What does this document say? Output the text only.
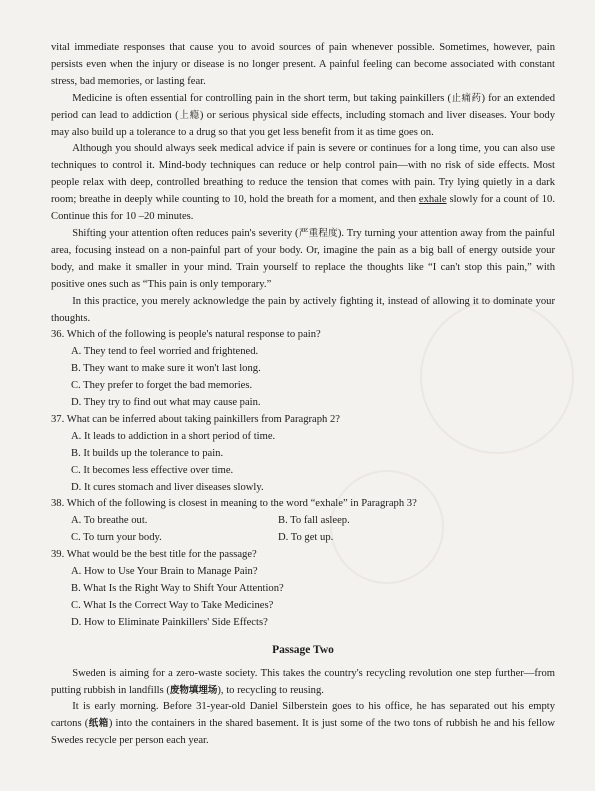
vital immediate responses that cause you to avoid sources of pain whenever possible. Sometimes, however, pain persists even when the injury or disease is no longer present. A painful feeling can become associated with constant stress, bad memories, or lasting fear.

Medicine is often essential for controlling pain in the short term, but taking painkillers (止痛药) for an extended period can lead to addiction (上瘾) or serious physical side effects, including stomach and liver diseases. Your body may also build up a tolerance to a drug so that you get less benefit from it as time goes on.

Although you should always seek medical advice if pain is severe or continues for a long time, you can also use techniques to control it. Mind-body techniques can reduce or help control pain—with no risk of side effects. Most people relax with deep, controlled breathing to reduce the tension that comes with pain. Try lying quietly in a dark room; breathe in deeply while counting to 10, hold the breath for a moment, and then exhale slowly for a count of 10. Continue this for 10 –20 minutes.

Shifting your attention often reduces pain's severity (严重程度). Try turning your attention away from the painful area, focusing instead on a non-painful part of your body. Or, imagine the pain as a big ball of energy outside your body, and make it smaller in your mind. Train yourself to replace the thoughts like “I can't stop this pain,” with positive ones such as “This pain is only temporary.”

In this practice, you merely acknowledge the pain by actively fighting it, instead of allowing it to dominate your thoughts.

36. Which of the following is people's natural response to pain?

A. They tend to feel worried and frightened.

B. They want to make sure it won't last long.

C. They prefer to forget the bad memories.

D. They try to find out what may cause pain.

37. What can be inferred about taking painkillers from Paragraph 2?

A. It leads to addiction in a short period of time.

B. It builds up the tolerance to pain.

C. It becomes less effective over time.

D. It cures stomach and liver diseases slowly.

38. Which of the following is closest in meaning to the word “exhale” in Paragraph 3?

A. To breathe out.	B. To fall asleep.
C. To turn your body.	D. To get up.

39. What would be the best title for the passage?

A. How to Use Your Brain to Manage Pain?

B. What Is the Right Way to Shift Your Attention?

C. What Is the Correct Way to Take Medicines?

D. How to Eliminate Painkillers' Side Effects?

Passage Two

Sweden is aiming for a zero-waste society. This takes the country's recycling revolution one step further—from putting rubbish in landfills (废物填埋场), to recycling to reusing.

It is early morning. Before 31-year-old Daniel Silberstein goes to his office, he has separated out his empty cartons (纸箱) into the containers in the shared basement. It is just some of the two tons of rubbish he and his fellow Swedes recycle per person each year.
